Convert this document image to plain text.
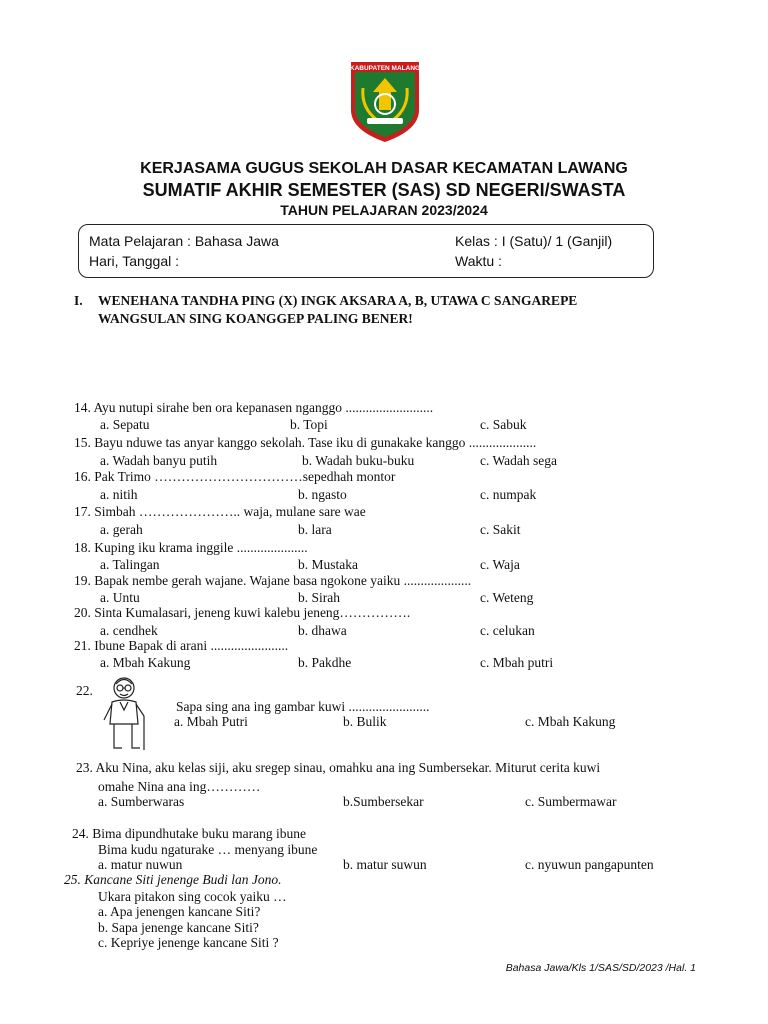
KABUPATEN MALANG
KERJASAMA GUGUS SEKOLAH DASAR KECAMATAN LAWANG
SUMATIF AKHIR SEMESTER (SAS) SD NEGERI/SWASTA
TAHUN PELAJARAN 2023/2024
Mata Pelajaran : Bahasa Jawa
Hari, Tanggal :
Kelas : I (Satu)/ 1 (Ganjil)
Waktu :
I. WENEHANA TANDHA PING (X) INGK AKSARA A, B, UTAWA C SANGAREPE
WANGSULAN SING KOANGGEP PALING BENER!
14. Ayu nutupi sirahe ben ora kepanasen nganggo ..........................
a. Sepatu	b. Topi	c. Sabuk
15. Bayu nduwe tas anyar kanggo sekolah. Tase iku di gunakake kanggo ....................
a. Wadah banyu putih	b. Wadah buku-buku	c. Wadah sega
16. Pak Trimo ……………………………sepedhah montor
a. nitih	b. ngasto	c. numpak
17. Simbah ………………….. waja, mulane sare wae
a. gerah	b. lara	c. Sakit
18. Kuping iku krama inggile .....................
a. Talingan	b. Mustaka	c. Waja
19. Bapak nembe gerah wajane. Wajane basa ngokone yaiku ....................
a. Untu	b. Sirah	c. Weteng
20. Sinta Kumalasari, jeneng kuwi kalebu jeneng…………….
a. cendhek	b. dhawa	c. celukan
21. Ibune Bapak di arani .......................
a. Mbah Kakung	b. Pakdhe	c. Mbah putri
22.
​
Sapa sing ana ing gambar kuwi ........................
a. Mbah Putri	b. Bulik	c. Mbah Kakung
23. Aku Nina, aku kelas siji, aku sregep sinau, omahku ana ing Sumbersekar. Miturut cerita kuwi
omahe Nina ana ing…………
a. Sumberwaras	b.Sumbersekar	c. Sumbermawar
24. Bima dipundhutake buku marang ibune
Bima kudu ngaturake … menyang ibune
a. matur nuwun	b. matur suwun	c. nyuwun pangapunten
25. Kancane Siti jenenge Budi lan Jono.
Ukara pitakon sing cocok yaiku …
a. Apa jenengen kancane Siti?
b. Sapa jenenge kancane Siti?
c. Kepriye jenenge kancane Siti ?
Bahasa Jawa/Kls 1/SAS/SD/2023 /Hal. 1
